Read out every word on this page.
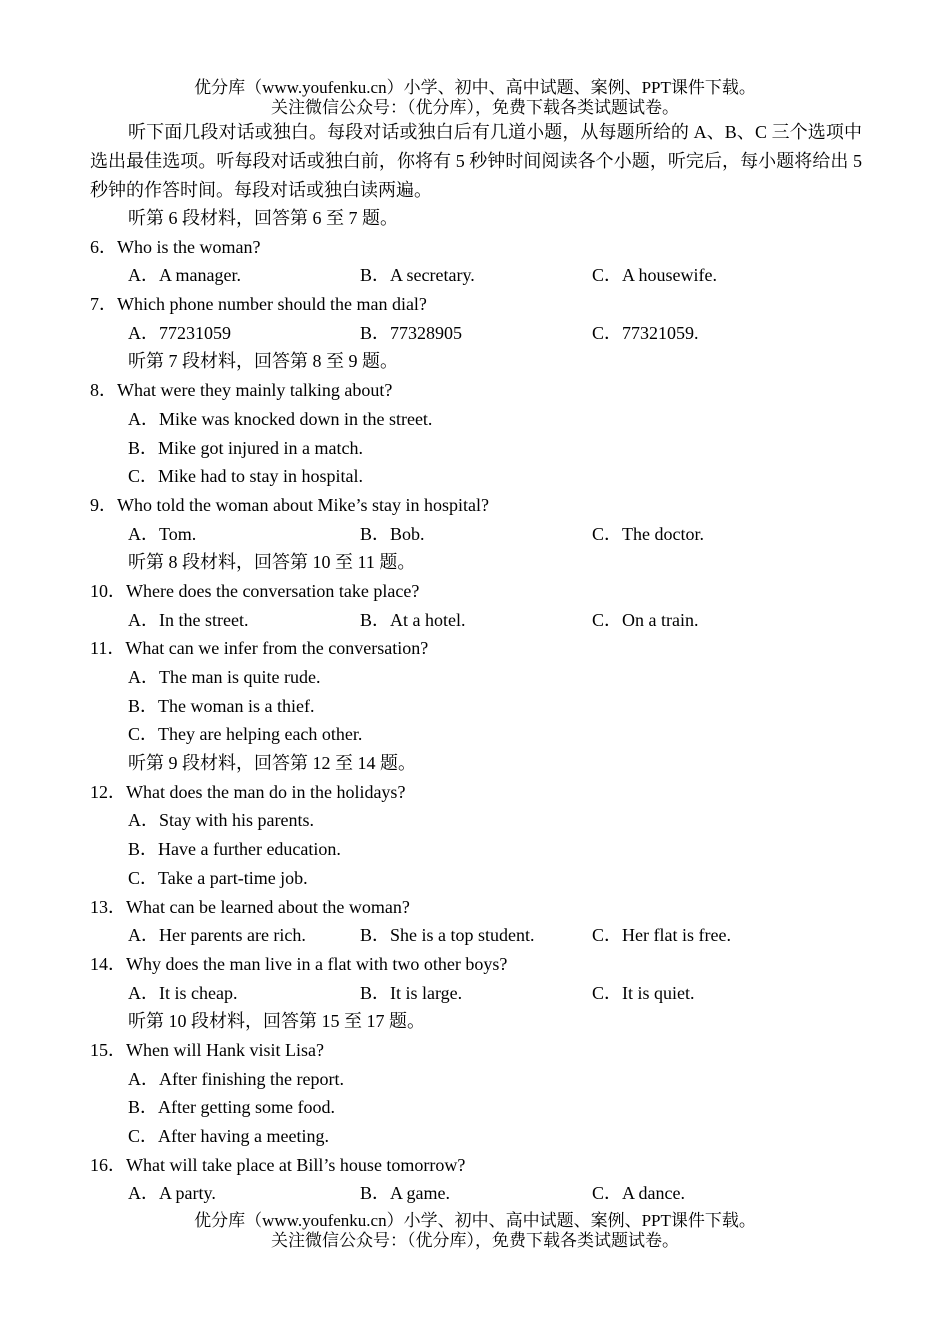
优分库（www.youfenku.cn）小学、初中、高中试题、案例、PPT课件下载。
关注微信公众号：（优分库），免费下载各类试题试卷。
听下面几段对话或独白。每段对话或独白后有几道小题，从每题所给的 A、B、C 三个选项中选出最佳选项。听每段对话或独白前，你将有 5 秒钟时间阅读各个小题，听完后，每小题将给出 5 秒钟的作答时间。每段对话或独白读两遍。
听第 6 段材料，回答第 6 至 7 题。
6．Who is the woman?
A．A manager.	B．A secretary.	C．A housewife.
7．Which phone number should the man dial?
A．77231059	B．77328905	C．77321059.
听第 7 段材料，回答第 8 至 9 题。
8．What were they mainly talking about?
A．Mike was knocked down in the street.
B．Mike got injured in a match.
C．Mike had to stay in hospital.
9．Who told the woman about Mike’s stay in hospital?
A．Tom.	B．Bob.	C．The doctor.
听第 8 段材料，回答第 10 至 11 题。
10．Where does the conversation take place?
A．In the street.	B．At a hotel.	C．On a train.
11．What can we infer from the conversation?
A．The man is quite rude.
B．The woman is a thief.
C．They are helping each other.
听第 9 段材料，回答第 12 至 14 题。
12．What does the man do in the holidays?
A．Stay with his parents.
B．Have a further education.
C．Take a part-time job.
13．What can be learned about the woman?
A．Her parents are rich.	B．She is a top student.	C．Her flat is free.
14．Why does the man live in a flat with two other boys?
A．It is cheap.	B．It is large.	C．It is quiet.
听第 10 段材料，回答第 15 至 17 题。
15．When will Hank visit Lisa?
A．After finishing the report.
B．After getting some food.
C．After having a meeting.
16．What will take place at Bill’s house tomorrow?
A．A party.	B．A game.	C．A dance.
优分库（www.youfenku.cn）小学、初中、高中试题、案例、PPT课件下载。
关注微信公众号：（优分库），免费下载各类试题试卷。
